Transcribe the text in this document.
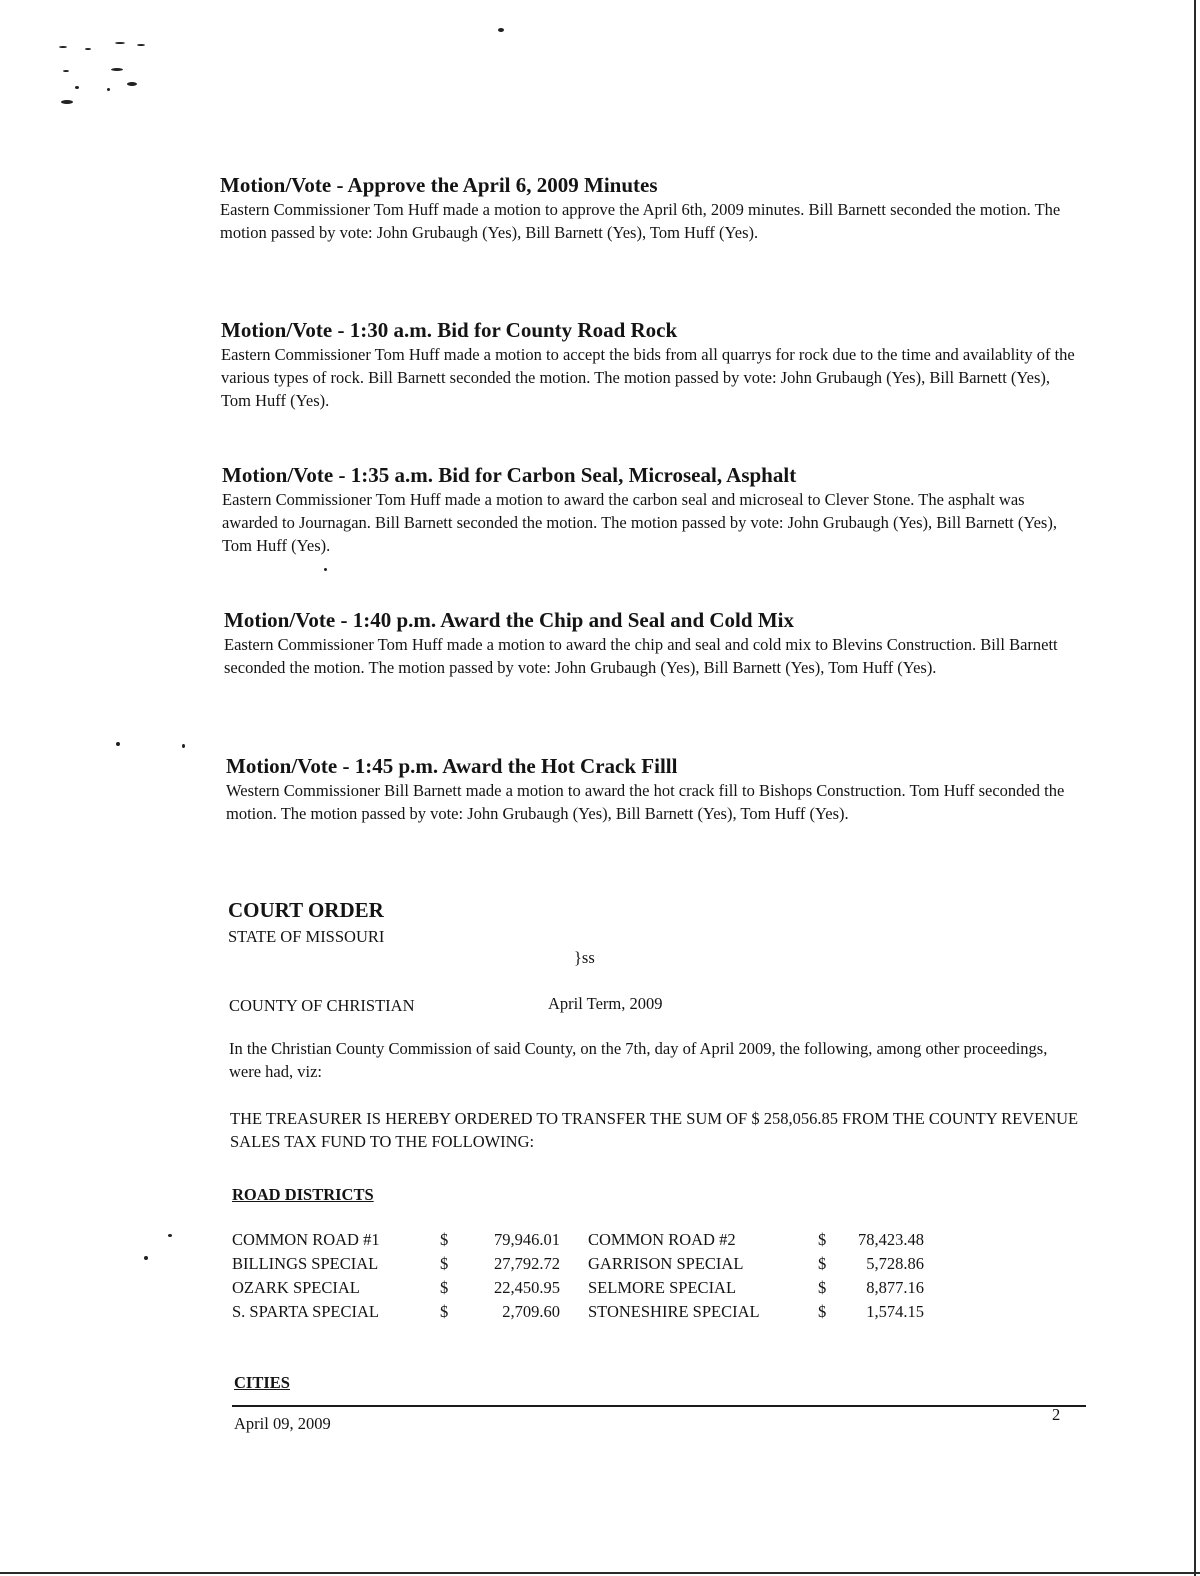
Motion/Vote - Approve the April 6, 2009 Minutes
Eastern Commissioner Tom Huff made a motion to approve the April 6th, 2009 minutes. Bill Barnett seconded the motion. The motion passed by vote: John Grubaugh (Yes), Bill Barnett (Yes), Tom Huff (Yes).
Motion/Vote - 1:30 a.m. Bid for County Road Rock
Eastern Commissioner Tom Huff made a motion to accept the bids from all quarrys for rock due to the time and availablity of the various types of rock. Bill Barnett seconded the motion. The motion passed by vote: John Grubaugh (Yes), Bill Barnett (Yes), Tom Huff (Yes).
Motion/Vote - 1:35 a.m. Bid for Carbon Seal, Microseal, Asphalt
Eastern Commissioner Tom Huff made a motion to award the carbon seal and microseal to Clever Stone. The asphalt was awarded to Journagan. Bill Barnett seconded the motion. The motion passed by vote: John Grubaugh (Yes), Bill Barnett (Yes), Tom Huff (Yes).
Motion/Vote - 1:40 p.m. Award the Chip and Seal and Cold Mix
Eastern Commissioner Tom Huff made a motion to award the chip and seal and cold mix to Blevins Construction. Bill Barnett seconded the motion. The motion passed by vote: John Grubaugh (Yes), Bill Barnett (Yes), Tom Huff (Yes).
Motion/Vote - 1:45 p.m. Award the Hot Crack Filll
Western Commissioner Bill Barnett made a motion to award the hot crack fill to Bishops Construction. Tom Huff seconded the motion. The motion passed by vote: John Grubaugh (Yes), Bill Barnett (Yes), Tom Huff (Yes).
COURT ORDER
STATE OF MISSOURI
}ss
COUNTY OF CHRISTIAN	April Term, 2009
In the Christian County Commission of said County, on the 7th, day of April 2009, the following, among other proceedings, were had, viz:
THE TREASURER IS HEREBY ORDERED TO TRANSFER THE SUM OF $ 258,056.85 FROM THE COUNTY REVENUE SALES TAX FUND TO THE FOLLOWING:
ROAD DISTRICTS
COMMON ROAD #1	$	79,946.01 COMMON ROAD #2	$	78,423.48
BILLINGS SPECIAL	$	27,792.72 GARRISON SPECIAL	$	5,728.86
OZARK SPECIAL	$	22,450.95 SELMORE SPECIAL	$	8,877.16
S. SPARTA SPECIAL	$	2,709.60 STONESHIRE SPECIAL	$	1,574.15
CITIES
April 09, 2009	2
